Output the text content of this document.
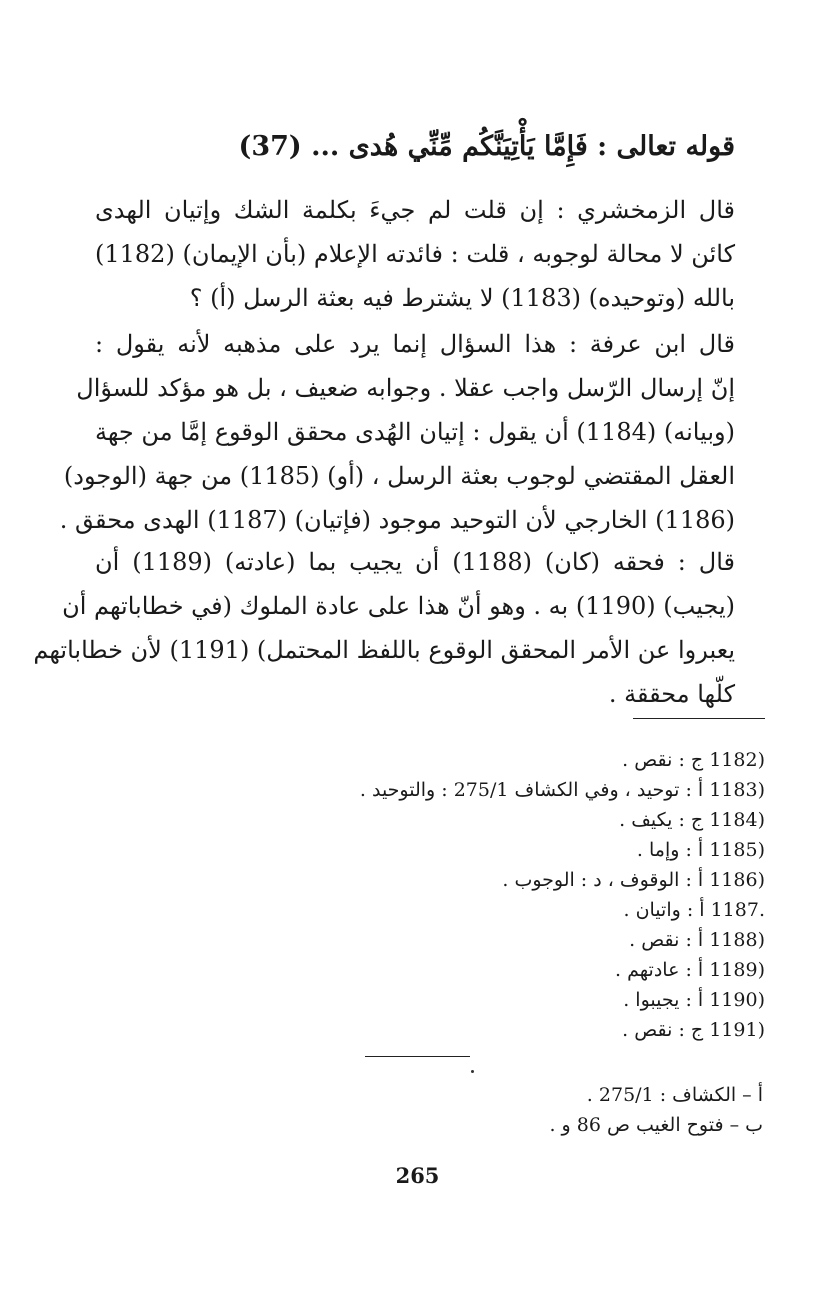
قوله تعالى : فَإِمَّا يَأْتِيَنَّكُم مِّنِّي هُدى ... (37)
قال الزمخشري : إن قلت لم جيءَ بكلمة الشك وإتيان الهدى
كائن لا محالة لوجوبه ، قلت : فائدته الإعلام (بأن الإيمان) (1182)
بالله (وتوحيده) (1183) لا يشترط فيه بعثة الرسل (أ) ؟
قال ابن عرفة : هذا السؤال إنما يرد على مذهبه لأنه يقول :
إنّ إرسال الرّسل واجب عقلا . وجوابه ضعيف ، بل هو مؤكد للسؤال
(وبيانه) (1184) أن يقول : إتيان الهُدى محقق الوقوع إمَّا من جهة
العقل المقتضي لوجوب بعثة الرسل ، (أو) (1185) من جهة (الوجود)
(1186) الخارجي لأن التوحيد موجود (فإتيان) (1187) الهدى محقق .
قال : فحقه (كان) (1188) أن يجيب بما (عادته) (1189) أن
(يجيب) (1190) به . وهو أنّ هذا على عادة الملوك (في خطاباتهم أن
يعبروا عن الأمر المحقق الوقوع باللفظ المحتمل) (1191) لأن خطاباتهم
كلّها محققة .
(1182 ج : نقص .
(1183 أ : توحيد ، وفي الكشاف 275/1 : والتوحيد .
(1184 ج : يكيف .
(1185 أ : وإما .
(1186 أ : الوقوف ، د : الوجوب .
.1187 أ : واتيان .
(1188 أ : نقص .
(1189 أ : عادتهم .
(1190 أ : يجيبوا .
(1191 ج : نقص .
أ – الكشاف : 275/1 .
ب – فتوح الغيب ص 86 و .
265
